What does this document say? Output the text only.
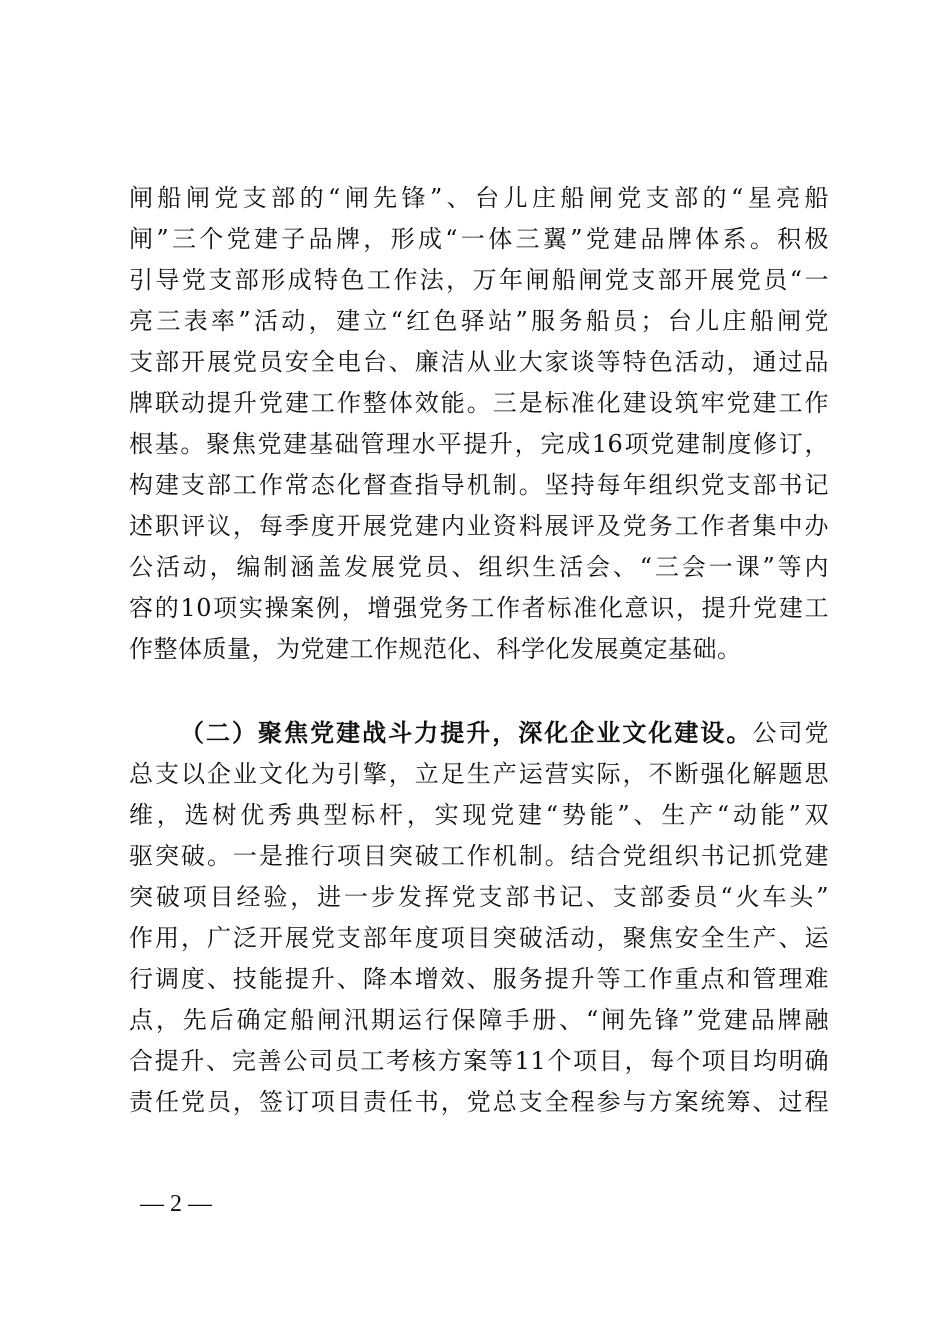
闸船闸党支部的“闸先锋”、台儿庄船闸党支部的“星亮船
闸”三个党建子品牌，形成“一体三翼”党建品牌体系。积极
引导党支部形成特色工作法，万年闸船闸党支部开展党员“一
亮三表率”活动，建立“红色驿站”服务船员；台儿庄船闸党
支部开展党员安全电台、廉洁从业大家谈等特色活动，通过品
牌联动提升党建工作整体效能。三是标准化建设筑牢党建工作
根基。聚焦党建基础管理水平提升，完成16项党建制度修订，
构建支部工作常态化督查指导机制。坚持每年组织党支部书记
述职评议，每季度开展党建内业资料展评及党务工作者集中办
公活动，编制涵盖发展党员、组织生活会、“三会一课”等内
容的10项实操案例，增强党务工作者标准化意识，提升党建工
作整体质量，为党建工作规范化、科学化发展奠定基础。
（二）聚焦党建战斗力提升，深化企业文化建设。公司党
总支以企业文化为引擎，立足生产运营实际，不断强化解题思
维，选树优秀典型标杆，实现党建“势能”、生产“动能”双
驱突破。一是推行项目突破工作机制。结合党组织书记抓党建
突破项目经验，进一步发挥党支部书记、支部委员“火车头”
作用，广泛开展党支部年度项目突破活动，聚焦安全生产、运
行调度、技能提升、降本增效、服务提升等工作重点和管理难
点，先后确定船闸汛期运行保障手册、“闸先锋”党建品牌融
合提升、完善公司员工考核方案等11个项目，每个项目均明确
责任党员，签订项目责任书，党总支全程参与方案统筹、过程
— 2 —
